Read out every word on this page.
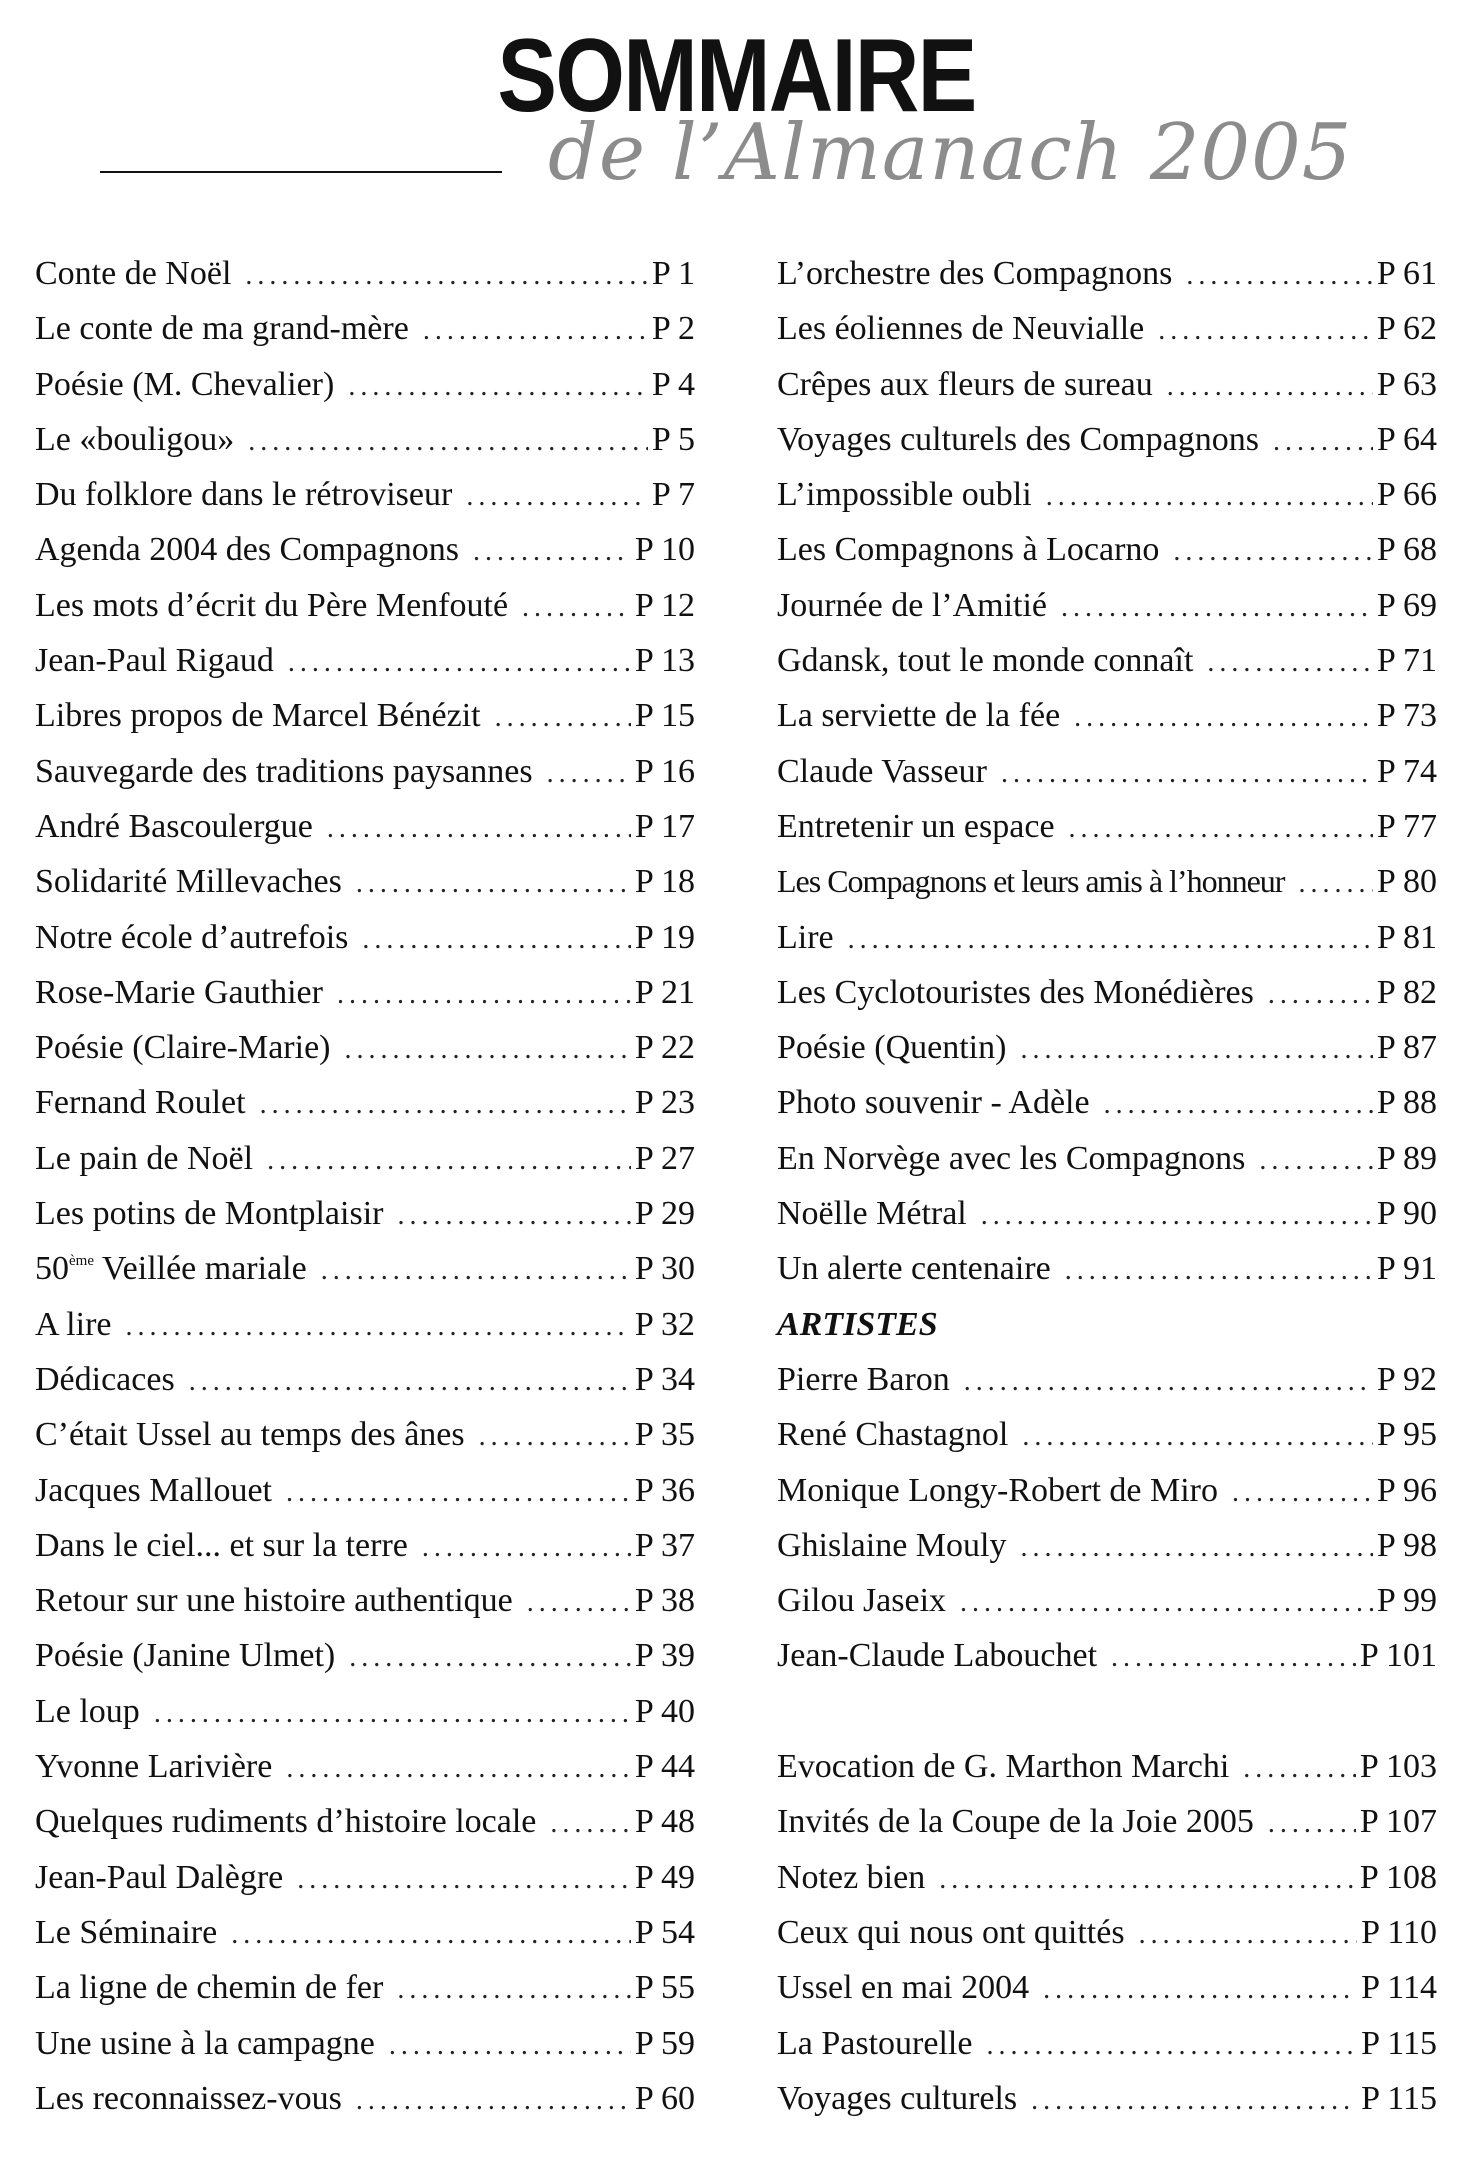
SOMMAIRE
de l’Almanach 2005
Conte de Noël .....	P 1
Le conte de ma grand-mère .....	P 2
Poésie (M. Chevalier) .....	P 4
Le «bouligou» .....	P 5
Du folklore dans le rétroviseur .....	P 7
Agenda 2004 des Compagnons .....	P 10
Les mots d’écrit du Père Menfouté .....	P 12
Jean-Paul Rigaud .....	P 13
Libres propos de Marcel Bénézit .....	P 15
Sauvegarde des traditions paysannes .....	P 16
André Bascoulergue .....	P 17
Solidarité Millevaches .....	P 18
Notre école d’autrefois .....	P 19
Rose-Marie Gauthier .....	P 21
Poésie (Claire-Marie) .....	P 22
Fernand Roulet .....	P 23
Le pain de Noël .....	P 27
Les potins de Montplaisir .....	P 29
50ème Veillée mariale .....	P 30
A lire .....	P 32
Dédicaces .....	P 34
C’était Ussel au temps des ânes .....	P 35
Jacques Mallouet .....	P 36
Dans le ciel... et sur la terre .....	P 37
Retour sur une histoire authentique .....	P 38
Poésie (Janine Ulmet) .....	P 39
Le loup .....	P 40
Yvonne Larivière .....	P 44
Quelques rudiments d’histoire locale .....	P 48
Jean-Paul Dalègre .....	P 49
Le Séminaire .....	P 54
La ligne de chemin de fer .....	P 55
Une usine à la campagne .....	P 59
Les reconnaissez-vous .....	P 60
L’orchestre des Compagnons .....	P 61
Les éoliennes de Neuvialle .....	P 62
Crêpes aux fleurs de sureau .....	P 63
Voyages culturels des Compagnons .....	P 64
L’impossible oubli .....	P 66
Les Compagnons à Locarno .....	P 68
Journée de l’Amitié .....	P 69
Gdansk, tout le monde connaît .....	P 71
La serviette de la fée .....	P 73
Claude Vasseur .....	P 74
Entretenir un espace .....	P 77
Les Compagnons et leurs amis à l’honneur .....	P 80
Lire .....	P 81
Les Cyclotouristes des Monédières .....	P 82
Poésie (Quentin) .....	P 87
Photo souvenir - Adèle .....	P 88
En Norvège avec les Compagnons .....	P 89
Noëlle Métral .....	P 90
Un alerte centenaire .....	P 91
ARTISTES
Pierre Baron .....	P 92
René Chastagnol .....	P 95
Monique Longy-Robert de Miro .....	P 96
Ghislaine Mouly .....	P 98
Gilou Jaseix .....	P 99
Jean-Claude Labouchet .....	P 101
Evocation de G. Marthon Marchi .....	P 103
Invités de la Coupe de la Joie 2005 .....	P 107
Notez bien .....	P 108
Ceux qui nous ont quittés .....	P 110
Ussel en mai 2004 .....	P 114
La Pastourelle .....	P 115
Voyages culturels .....	P 115
